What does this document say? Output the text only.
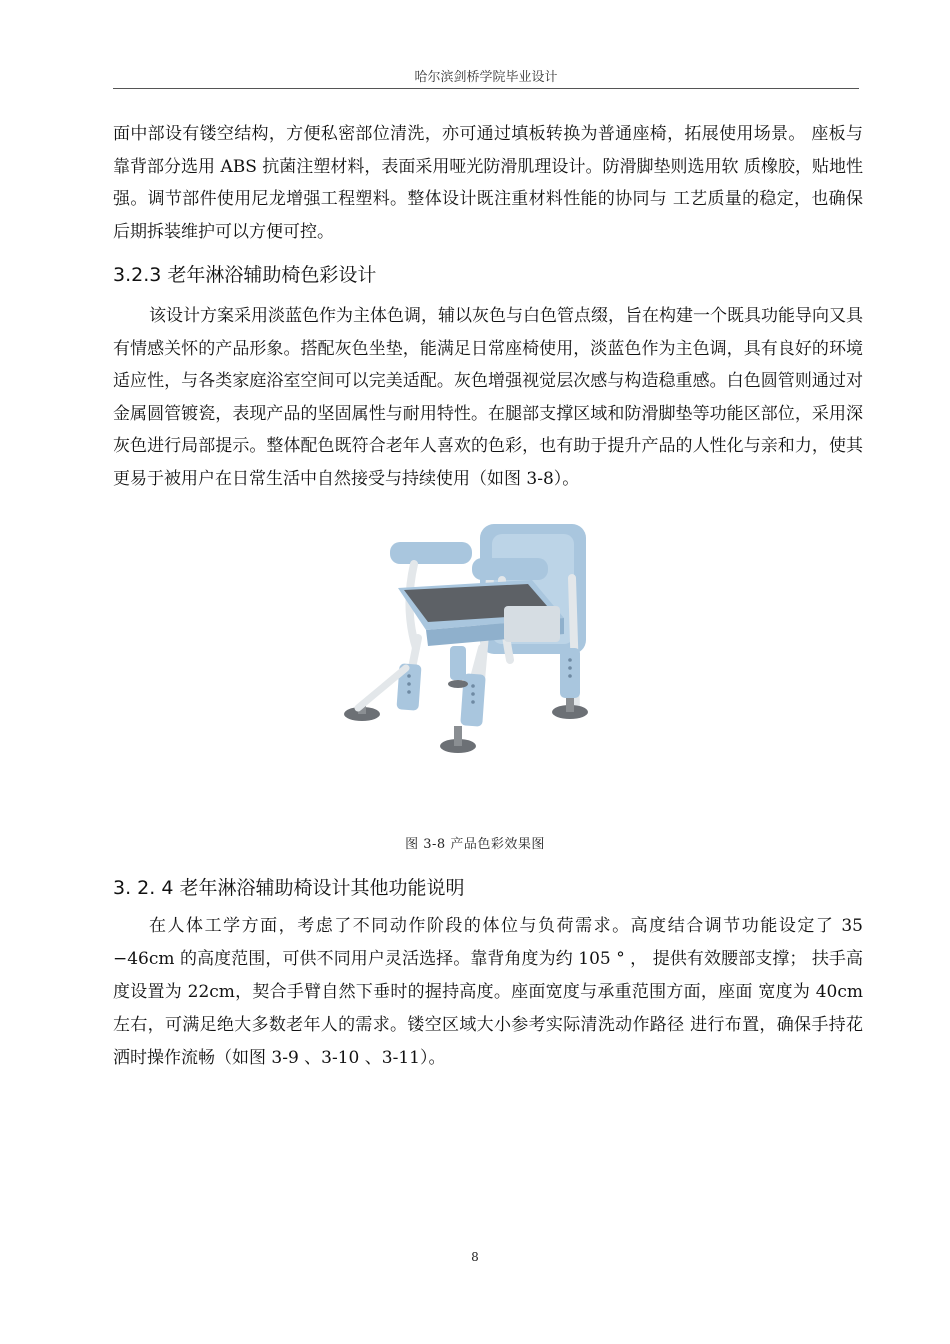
哈尔滨剑桥学院毕业设计
面中部设有镂空结构，方便私密部位清洗，亦可通过填板转换为普通座椅，拓展使用场景。 座板与靠背部分选用 ABS 抗菌注塑材料，表面采用哑光防滑肌理设计。防滑脚垫则选用软 质橡胶，贴地性强。调节部件使用尼龙增强工程塑料。整体设计既注重材料性能的协同与 工艺质量的稳定，也确保后期拆装维护可以方便可控。
3.2.3 老年淋浴辅助椅色彩设计
该设计方案采用淡蓝色作为主体色调，辅以灰色与白色管点缀，旨在构建一个既具功能导向又具有情感关怀的产品形象。搭配灰色坐垫，能满足日常座椅使用，淡蓝色作为主色调，具有良好的环境适应性，与各类家庭浴室空间可以完美适配。灰色增强视觉层次感与构造稳重感。白色圆管则通过对金属圆管镀瓷，表现产品的坚固属性与耐用特性。在腿部支撑区域和防滑脚垫等功能区部位，采用深灰色进行局部提示。整体配色既符合老年人喜欢的色彩，也有助于提升产品的人性化与亲和力，使其更易于被用户在日常生活中自然接受与持续使用（如图 3-8）。
图 3-8 产品色彩效果图
3. 2. 4 老年淋浴辅助椅设计其他功能说明
在人体工学方面，考虑了不同动作阶段的体位与负荷需求。高度结合调节功能设定了 35 −46cm 的高度范围，可供不同用户灵活选择。靠背角度为约 105 ° ， 提供有效腰部支撑； 扶手高度设置为 22cm，契合手臂自然下垂时的握持高度。座面宽度与承重范围方面，座面 宽度为 40cm 左右，可满足绝大多数老年人的需求。镂空区域大小参考实际清洗动作路径 进行布置，确保手持花洒时操作流畅（如图 3-9 、3-10 、3-11）。
8
